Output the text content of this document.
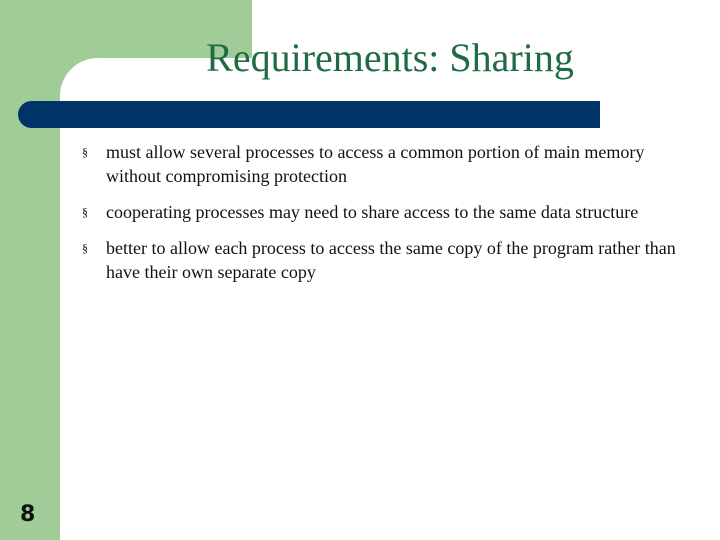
Requirements: Sharing
§ must allow several processes to access a common portion of main memory without compromising protection
§ cooperating processes may need to share access to the same data structure
§ better to allow each process to access the same copy of the program rather than have their own separate copy
8
